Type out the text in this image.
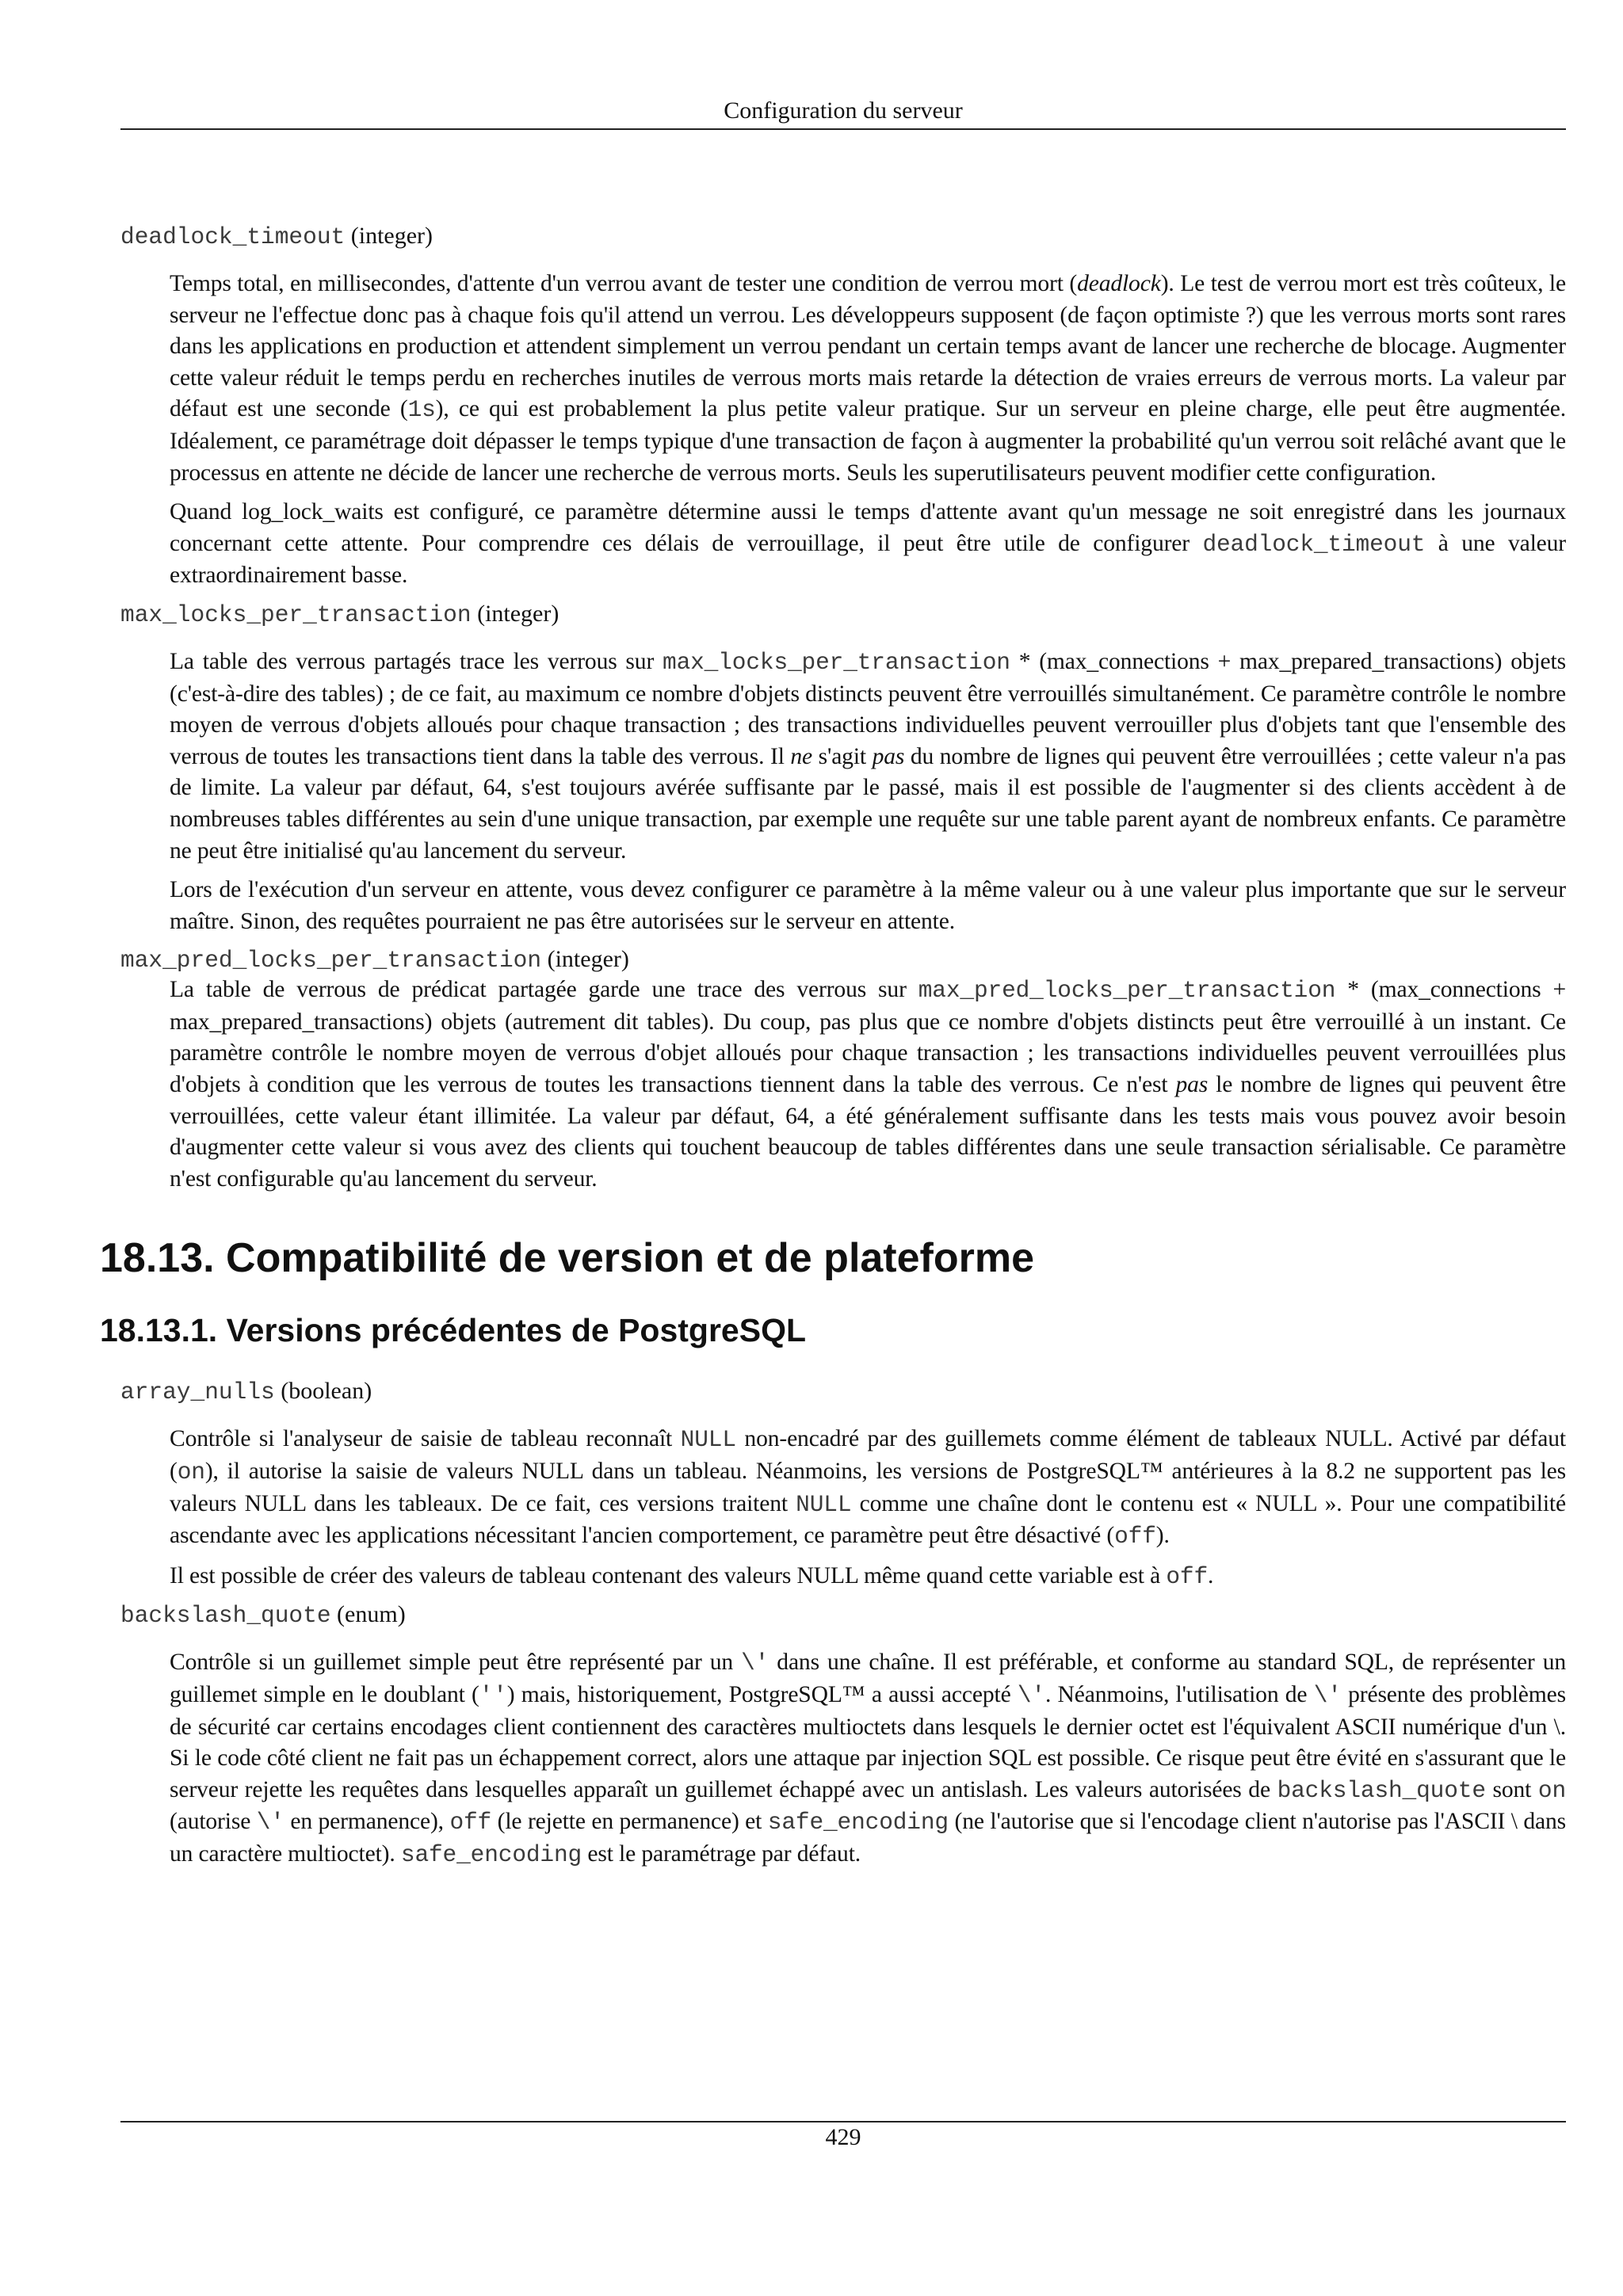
Configuration du serveur

deadlock_timeout (integer)

Temps total, en millisecondes, d'attente d'un verrou avant de tester une condition de verrou mort (deadlock). Le test de verrou mort est très coûteux, le serveur ne l'effectue donc pas à chaque fois qu'il attend un verrou. Les développeurs supposent (de façon optimiste ?) que les verrous morts sont rares dans les applications en production et attendent simplement un verrou pendant un certain temps avant de lancer une recherche de blocage. Augmenter cette valeur réduit le temps perdu en recherches inutiles de verrous morts mais retarde la détection de vraies erreurs de verrous morts. La valeur par défaut est une seconde (1s), ce qui est probablement la plus petite valeur pratique. Sur un serveur en pleine charge, elle peut être augmentée. Idéalement, ce paramétrage doit dépasser le temps typique d'une transaction de façon à augmenter la probabilité qu'un verrou soit relâché avant que le processus en attente ne décide de lancer une recherche de verrous morts. Seuls les superutilisateurs peuvent modifier cette configuration.

Quand log_lock_waits est configuré, ce paramètre détermine aussi le temps d'attente avant qu'un message ne soit enregistré dans les journaux concernant cette attente. Pour comprendre ces délais de verrouillage, il peut être utile de configurer deadlock_timeout à une valeur extraordinairement basse.

max_locks_per_transaction (integer)

La table des verrous partagés trace les verrous sur max_locks_per_transaction * (max_connections + max_prepared_transactions) objets (c'est-à-dire des tables) ; de ce fait, au maximum ce nombre d'objets distincts peuvent être verrouillés simultanément. Ce paramètre contrôle le nombre moyen de verrous d'objets alloués pour chaque transaction ; des transactions individuelles peuvent verrouiller plus d'objets tant que l'ensemble des verrous de toutes les transactions tient dans la table des verrous. Il ne s'agit pas du nombre de lignes qui peuvent être verrouillées ; cette valeur n'a pas de limite. La valeur par défaut, 64, s'est toujours avérée suffisante par le passé, mais il est possible de l'augmenter si des clients accèdent à de nombreuses tables différentes au sein d'une unique transaction, par exemple une requête sur une table parent ayant de nombreux enfants. Ce paramètre ne peut être initialisé qu'au lancement du serveur.

Lors de l'exécution d'un serveur en attente, vous devez configurer ce paramètre à la même valeur ou à une valeur plus importante que sur le serveur maître. Sinon, des requêtes pourraient ne pas être autorisées sur le serveur en attente.

max_pred_locks_per_transaction (integer)

La table de verrous de prédicat partagée garde une trace des verrous sur max_pred_locks_per_transaction * (max_connections + max_prepared_transactions) objets (autrement dit tables). Du coup, pas plus que ce nombre d'objets distincts peut être verrouillé à un instant. Ce paramètre contrôle le nombre moyen de verrous d'objet alloués pour chaque transaction ; les transactions individuelles peuvent verrouillées plus d'objets à condition que les verrous de toutes les transactions tiennent dans la table des verrous. Ce n'est pas le nombre de lignes qui peuvent être verrouillées, cette valeur étant illimitée. La valeur par défaut, 64, a été généralement suffisante dans les tests mais vous pouvez avoir besoin d'augmenter cette valeur si vous avez des clients qui touchent beaucoup de tables différentes dans une seule transaction sérialisable. Ce paramètre n'est configurable qu'au lancement du serveur.

18.13. Compatibilité de version et de plateforme
18.13.1. Versions précédentes de PostgreSQL

array_nulls (boolean)

Contrôle si l'analyseur de saisie de tableau reconnaît NULL non-encadré par des guillemets comme élément de tableaux NULL. Activé par défaut (on), il autorise la saisie de valeurs NULL dans un tableau. Néanmoins, les versions de PostgreSQL™ antérieures à la 8.2 ne supportent pas les valeurs NULL dans les tableaux. De ce fait, ces versions traitent NULL comme une chaîne dont le contenu est « NULL ». Pour une compatibilité ascendante avec les applications nécessitant l'ancien comportement, ce paramètre peut être désactivé (off).

Il est possible de créer des valeurs de tableau contenant des valeurs NULL même quand cette variable est à off.

backslash_quote (enum)

Contrôle si un guillemet simple peut être représenté par un \' dans une chaîne. Il est préférable, et conforme au standard SQL, de représenter un guillemet simple en le doublant ('') mais, historiquement, PostgreSQL™ a aussi accepté \'. Néanmoins, l'utilisation de \' présente des problèmes de sécurité car certains encodages client contiennent des caractères multioctets dans lesquels le dernier octet est l'équivalent ASCII numérique d'un \. Si le code côté client ne fait pas un échappement correct, alors une attaque par injection SQL est possible. Ce risque peut être évité en s'assurant que le serveur rejette les requêtes dans lesquelles apparaît un guillemet échappé avec un antislash. Les valeurs autorisées de backslash_quote sont on (autorise \' en permanence), off (le rejette en permanence) et safe_encoding (ne l'autorise que si l'encodage client n'autorise pas l'ASCII \ dans un caractère multioctet). safe_encoding est le paramétrage par défaut.

429
